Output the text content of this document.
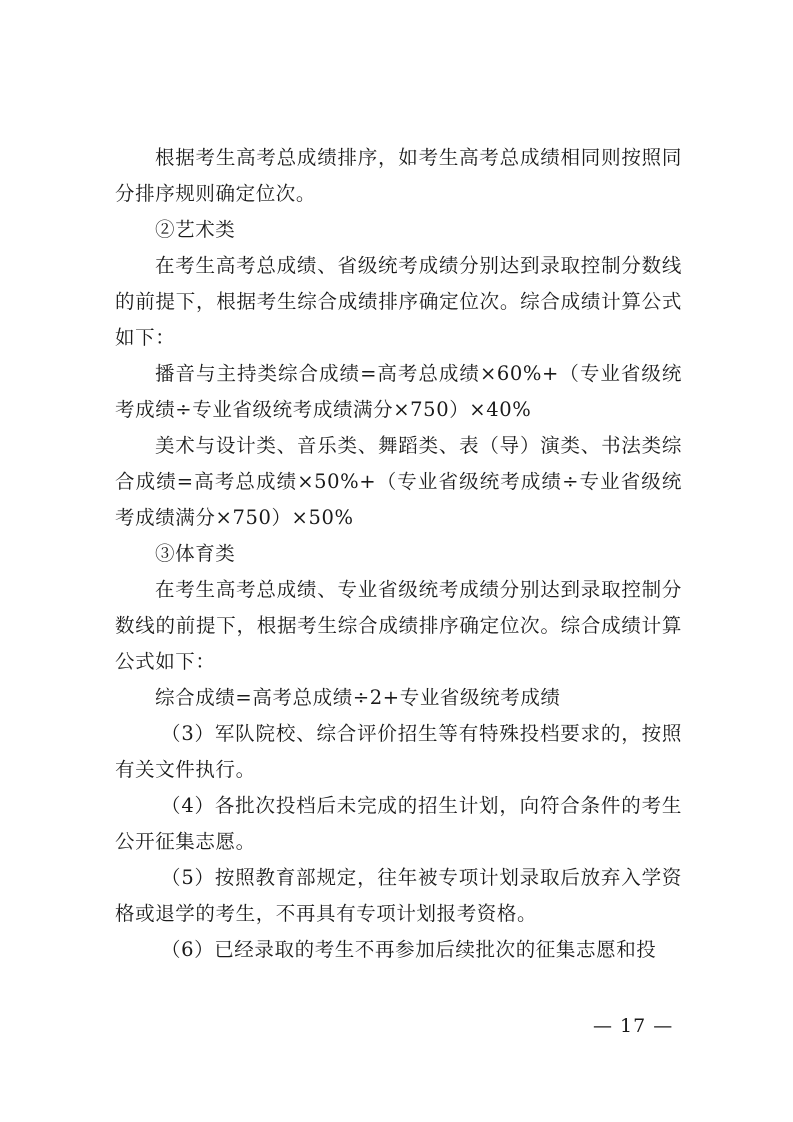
根据考生高考总成绩排序，如考生高考总成绩相同则按照同分排序规则确定位次。

②艺术类

在考生高考总成绩、省级统考成绩分别达到录取控制分数线的前提下，根据考生综合成绩排序确定位次。综合成绩计算公式如下：

播音与主持类综合成绩=高考总成绩×60%+（专业省级统考成绩÷专业省级统考成绩满分×750）×40%

美术与设计类、音乐类、舞蹈类、表（导）演类、书法类综合成绩=高考总成绩×50%+（专业省级统考成绩÷专业省级统考成绩满分×750）×50%

③体育类

在考生高考总成绩、专业省级统考成绩分别达到录取控制分数线的前提下，根据考生综合成绩排序确定位次。综合成绩计算公式如下：

综合成绩=高考总成绩÷2+专业省级统考成绩

（3）军队院校、综合评价招生等有特殊投档要求的，按照有关文件执行。

（4）各批次投档后未完成的招生计划，向符合条件的考生公开征集志愿。

（5）按照教育部规定，往年被专项计划录取后放弃入学资格或退学的考生，不再具有专项计划报考资格。

（6）已经录取的考生不再参加后续批次的征集志愿和投

— 17 —
